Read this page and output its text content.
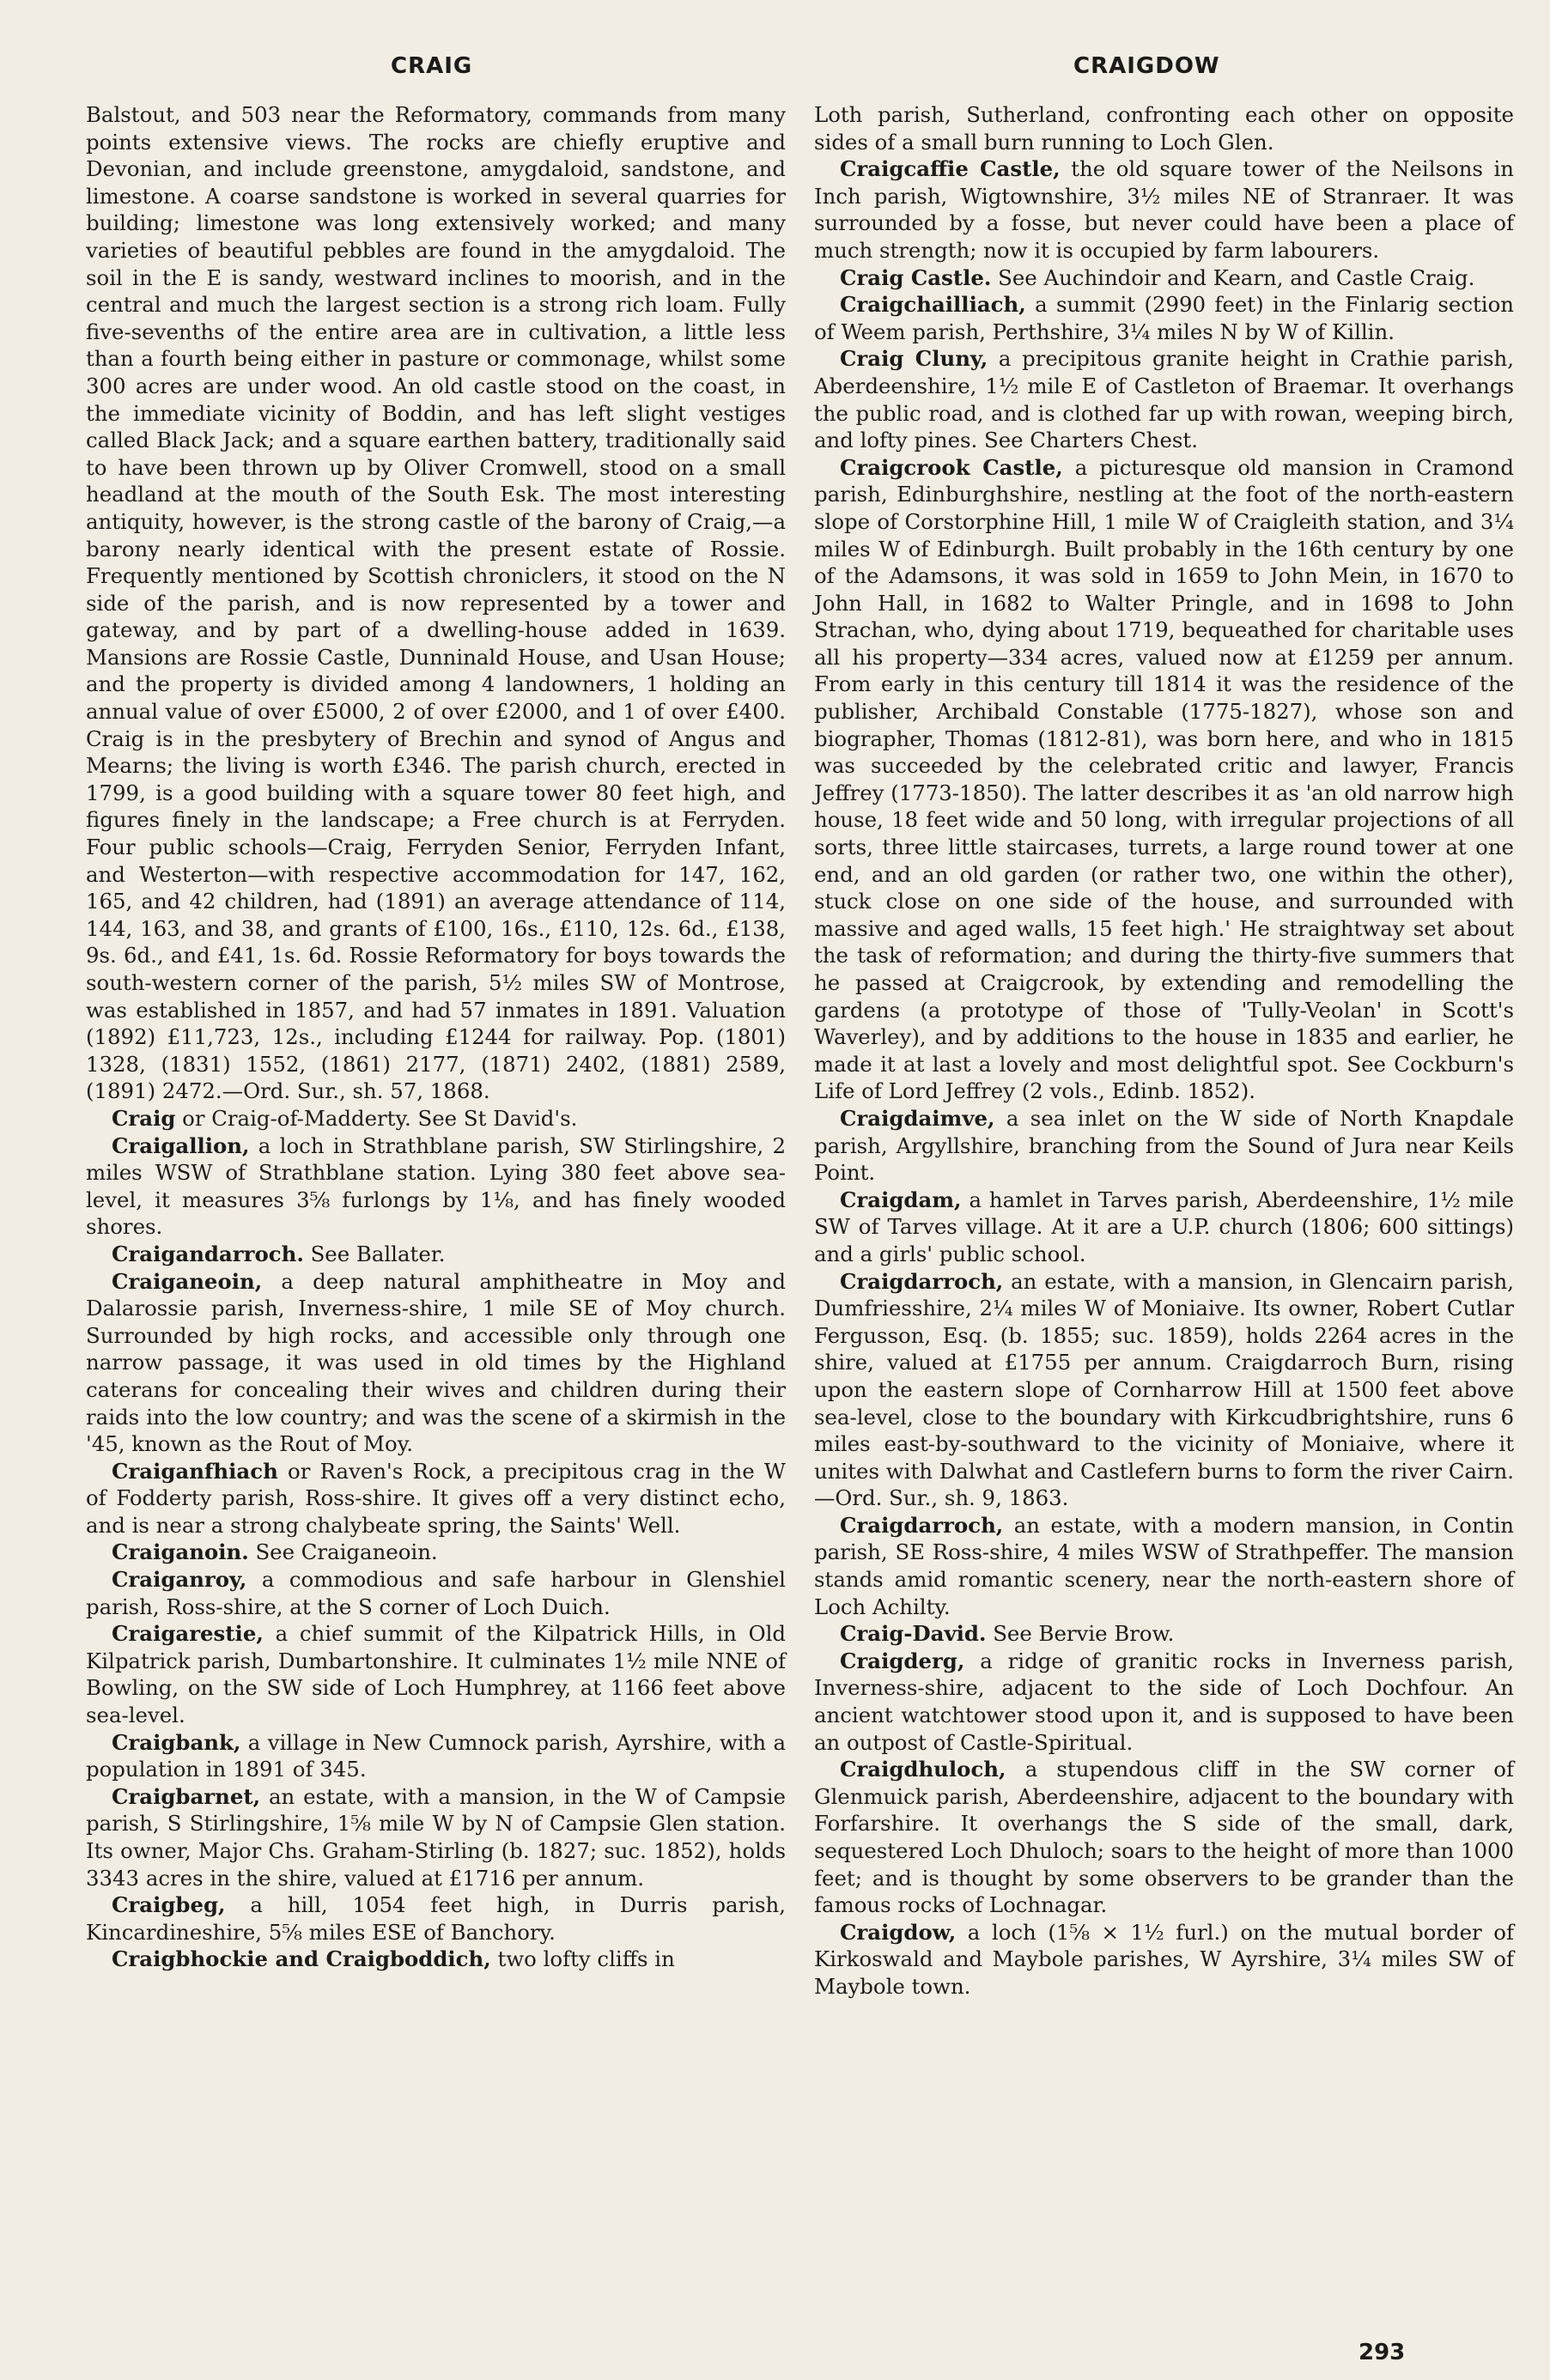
CRAIG	CRAIGDOW

Balstout, and 503 near the Reformatory, commands from many points extensive views. The rocks are chiefly eruptive and Devonian, and include greenstone, amygdaloid, sandstone, and limestone. A coarse sandstone is worked in several quarries for building; limestone was long extensively worked; and many varieties of beautiful pebbles are found in the amygdaloid. The soil in the E is sandy, westward inclines to moorish, and in the central and much the largest section is a strong rich loam. Fully five-sevenths of the entire area are in cultivation, a little less than a fourth being either in pasture or commonage, whilst some 300 acres are under wood. An old castle stood on the coast, in the immediate vicinity of Boddin, and has left slight vestiges called Black Jack; and a square earthen battery, traditionally said to have been thrown up by Oliver Cromwell, stood on a small headland at the mouth of the South Esk. The most interesting antiquity, however, is the strong castle of the barony of Craig,—a barony nearly identical with the present estate of Rossie. Frequently mentioned by Scottish chroniclers, it stood on the N side of the parish, and is now represented by a tower and gateway, and by part of a dwelling-house added in 1639. Mansions are Rossie Castle, Dunninald House, and Usan House; and the property is divided among 4 landowners, 1 holding an annual value of over £5000, 2 of over £2000, and 1 of over £400. Craig is in the presbytery of Brechin and synod of Angus and Mearns; the living is worth £346. The parish church, erected in 1799, is a good building with a square tower 80 feet high, and figures finely in the landscape; a Free church is at Ferryden. Four public schools—Craig, Ferryden Senior, Ferryden Infant, and Westerton—with respective accommodation for 147, 162, 165, and 42 children, had (1891) an average attendance of 114, 144, 163, and 38, and grants of £100, 16s., £110, 12s. 6d., £138, 9s. 6d., and £41, 1s. 6d. Rossie Reformatory for boys towards the south-western corner of the parish, 5½ miles SW of Montrose, was established in 1857, and had 57 inmates in 1891. Valuation (1892) £11,723, 12s., including £1244 for railway. Pop. (1801) 1328, (1831) 1552, (1861) 2177, (1871) 2402, (1881) 2589, (1891) 2472.—Ord. Sur., sh. 57, 1868.

Craig or Craig-of-Madderty. See St David's.

Craigallion, a loch in Strathblane parish, SW Stirlingshire, 2 miles WSW of Strathblane station. Lying 380 feet above sea-level, it measures 3⅝ furlongs by 1⅛, and has finely wooded shores.

Craigandarroch. See Ballater.

Craiganeoin, a deep natural amphitheatre in Moy and Dalarossie parish, Inverness-shire, 1 mile SE of Moy church. Surrounded by high rocks, and accessible only through one narrow passage, it was used in old times by the Highland caterans for concealing their wives and children during their raids into the low country; and was the scene of a skirmish in the '45, known as the Rout of Moy.

Craiganfhiach or Raven's Rock, a precipitous crag in the W of Fodderty parish, Ross-shire. It gives off a very distinct echo, and is near a strong chalybeate spring, the Saints' Well.

Craiganoin. See Craiganeoin.

Craiganroy, a commodious and safe harbour in Glenshiel parish, Ross-shire, at the S corner of Loch Duich.

Craigarestie, a chief summit of the Kilpatrick Hills, in Old Kilpatrick parish, Dumbartonshire. It culminates 1½ mile NNE of Bowling, on the SW side of Loch Humphrey, at 1166 feet above sea-level.

Craigbank, a village in New Cumnock parish, Ayrshire, with a population in 1891 of 345.

Craigbarnet, an estate, with a mansion, in the W of Campsie parish, S Stirlingshire, 1⅝ mile W by N of Campsie Glen station. Its owner, Major Chs. Graham-Stirling (b. 1827; suc. 1852), holds 3343 acres in the shire, valued at £1716 per annum.

Craigbeg, a hill, 1054 feet high, in Durris parish, Kincardineshire, 5⅝ miles ESE of Banchory.

Craigbhockie and Craigboddich, two lofty cliffs in

Loth parish, Sutherland, confronting each other on opposite sides of a small burn running to Loch Glen.

Craigcaffie Castle, the old square tower of the Neilsons in Inch parish, Wigtownshire, 3½ miles NE of Stranraer. It was surrounded by a fosse, but never could have been a place of much strength; now it is occupied by farm labourers.

Craig Castle. See Auchindoir and Kearn, and Castle Craig.

Craigchailliach, a summit (2990 feet) in the Finlarig section of Weem parish, Perthshire, 3¼ miles N by W of Killin.

Craig Cluny, a precipitous granite height in Crathie parish, Aberdeenshire, 1½ mile E of Castleton of Braemar. It overhangs the public road, and is clothed far up with rowan, weeping birch, and lofty pines. See Charters Chest.

Craigcrook Castle, a picturesque old mansion in Cramond parish, Edinburghshire, nestling at the foot of the north-eastern slope of Corstorphine Hill, 1 mile W of Craigleith station, and 3¼ miles W of Edinburgh. Built probably in the 16th century by one of the Adamsons, it was sold in 1659 to John Mein, in 1670 to John Hall, in 1682 to Walter Pringle, and in 1698 to John Strachan, who, dying about 1719, bequeathed for charitable uses all his property—334 acres, valued now at £1259 per annum. From early in this century till 1814 it was the residence of the publisher, Archibald Constable (1775-1827), whose son and biographer, Thomas (1812-81), was born here, and who in 1815 was succeeded by the celebrated critic and lawyer, Francis Jeffrey (1773-1850). The latter describes it as 'an old narrow high house, 18 feet wide and 50 long, with irregular projections of all sorts, three little staircases, turrets, a large round tower at one end, and an old garden (or rather two, one within the other), stuck close on one side of the house, and surrounded with massive and aged walls, 15 feet high.' He straightway set about the task of reformation; and during the thirty-five summers that he passed at Craigcrook, by extending and remodelling the gardens (a prototype of those of 'Tully-Veolan' in Scott's Waverley), and by additions to the house in 1835 and earlier, he made it at last a lovely and most delightful spot. See Cockburn's Life of Lord Jeffrey (2 vols., Edinb. 1852).

Craigdaimve, a sea inlet on the W side of North Knapdale parish, Argyllshire, branching from the Sound of Jura near Keils Point.

Craigdam, a hamlet in Tarves parish, Aberdeenshire, 1½ mile SW of Tarves village. At it are a U.P. church (1806; 600 sittings) and a girls' public school.

Craigdarroch, an estate, with a mansion, in Glencairn parish, Dumfriesshire, 2¼ miles W of Moniaive. Its owner, Robert Cutlar Fergusson, Esq. (b. 1855; suc. 1859), holds 2264 acres in the shire, valued at £1755 per annum. Craigdarroch Burn, rising upon the eastern slope of Cornharrow Hill at 1500 feet above sea-level, close to the boundary with Kirkcudbrightshire, runs 6 miles east-by-southward to the vicinity of Moniaive, where it unites with Dalwhat and Castlefern burns to form the river Cairn.—Ord. Sur., sh. 9, 1863.

Craigdarroch, an estate, with a modern mansion, in Contin parish, SE Ross-shire, 4 miles WSW of Strathpeffer. The mansion stands amid romantic scenery, near the north-eastern shore of Loch Achilty.

Craig-David. See Bervie Brow.

Craigderg, a ridge of granitic rocks in Inverness parish, Inverness-shire, adjacent to the side of Loch Dochfour. An ancient watchtower stood upon it, and is supposed to have been an outpost of Castle-Spiritual.

Craigdhuloch, a stupendous cliff in the SW corner of Glenmuick parish, Aberdeenshire, adjacent to the boundary with Forfarshire. It overhangs the S side of the small, dark, sequestered Loch Dhuloch; soars to the height of more than 1000 feet; and is thought by some observers to be grander than the famous rocks of Lochnagar.

Craigdow, a loch (1⅝ × 1½ furl.) on the mutual border of Kirkoswald and Maybole parishes, W Ayrshire, 3¼ miles SW of Maybole town.

293
